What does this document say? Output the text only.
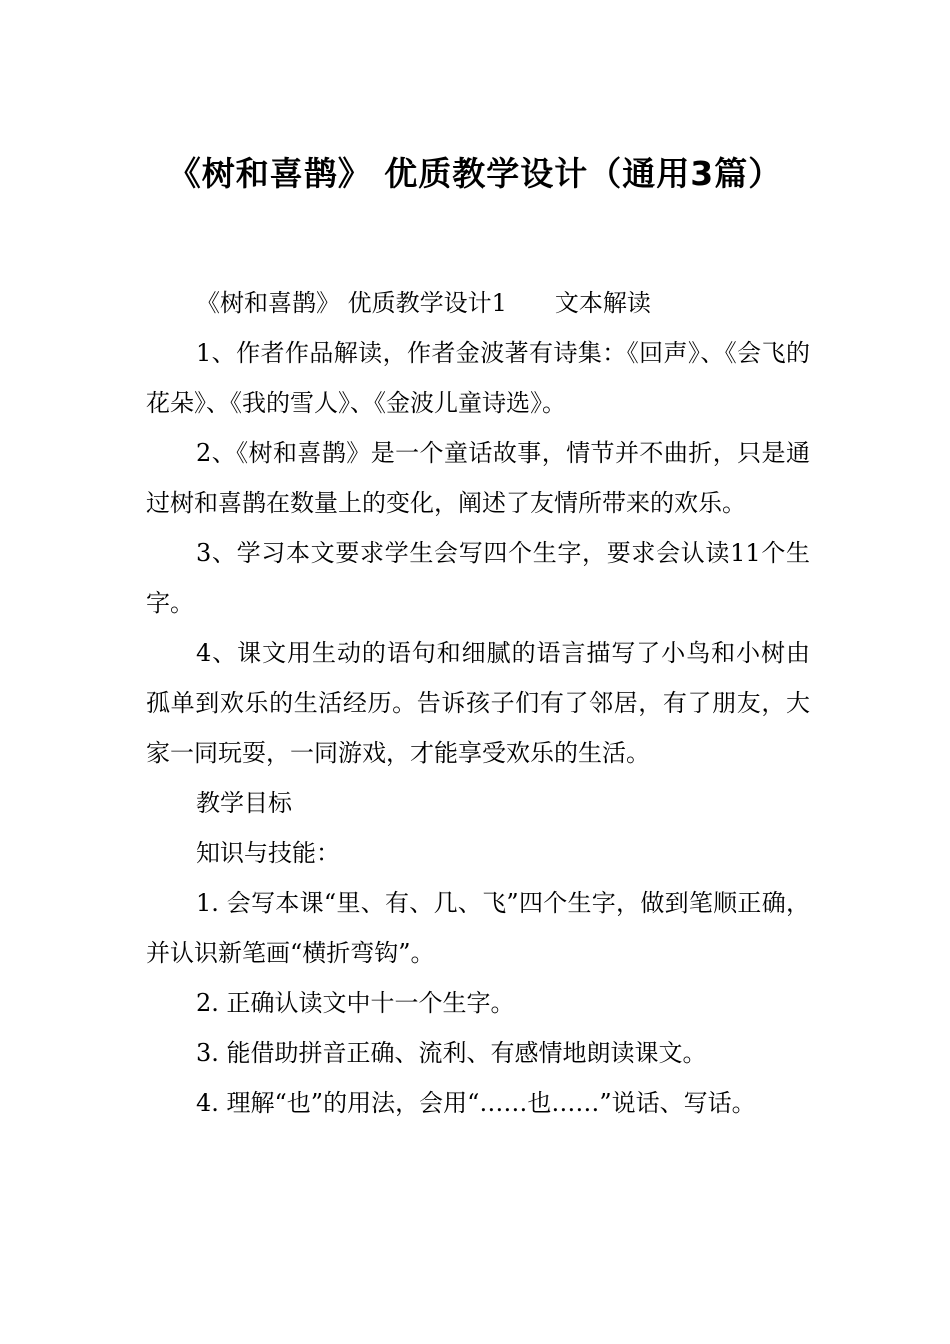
《树和喜鹊》 优质教学设计（通用3篇）

《树和喜鹊》 优质教学设计1 文本解读

1、作者作品解读，作者金波著有诗集：《回声》、《会飞的花朵》、《我的雪人》、《金波儿童诗选》。

2、《树和喜鹊》是一个童话故事，情节并不曲折，只是通过树和喜鹊在数量上的变化，阐述了友情所带来的欢乐。

3、学习本文要求学生会写四个生字，要求会认读11个生字。

4、课文用生动的语句和细腻的语言描写了小鸟和小树由孤单到欢乐的生活经历。告诉孩子们有了邻居，有了朋友，大家一同玩耍，一同游戏，才能享受欢乐的生活。

教学目标

知识与技能：

1. 会写本课“里、有、几、飞”四个生字，做到笔顺正确，并认识新笔画“横折弯钩”。

2. 正确认读文中十一个生字。

3. 能借助拼音正确、流利、有感情地朗读课文。

4. 理解“也”的用法，会用“……也……”说话、写话。
